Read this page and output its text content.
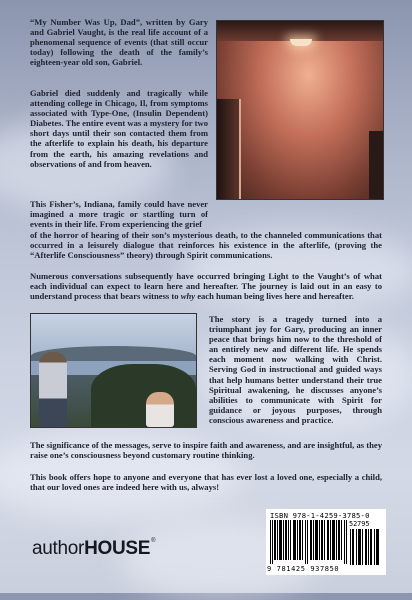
“My Number Was Up, Dad”, written by Gary and Gabriel Vaught, is the real life account of a phenomenal sequence of events (that still occur today) following the death of the family’s eighteen-year old son, Gabriel.

Gabriel died suddenly and tragically while attending college in Chicago, Il, from symptoms associated with Type-One, (Insulin Dependent) Diabetes. The entire event was a mystery for two short days until their son contacted them from the afterlife to explain his death, his departure from the earth, his amazing revelations and observations of and from heaven.

This Fisher’s, Indiana, family could have never imagined a more tragic or startling turn of events in their life. From experiencing the grief

of the horror of hearing of their son’s mysterious death, to the channeled communications that occurred in a leisurely dialogue that reinforces his existence in the afterlife, (proving the “Afterlife Consciousness” theory) through Spirit communications.

Numerous conversations subsequently have occurred bringing Light to the Vaught’s of what each individual can expect to learn here and hereafter. The journey is laid out in an easy to understand process that bears witness to why each human being lives here and hereafter.

The story is a tragedy turned into a triumphant joy for Gary, producing an inner peace that brings him now to the threshold of an entirely new and different life. He spends each moment now walking with Christ. Serving God in instructional and guided ways that help humans better understand their true Spiritual awakening, he discusses anyone’s abilities to communicate with Spirit for guidance or joyous purposes, through conscious awareness and practice.

The significance of the messages, serve to inspire faith and awareness, and are insightful, as they raise one’s consciousness beyond customary routine thinking.

This book offers hope to anyone and everyone that has ever lost a loved one, especially a child, that our loved ones are indeed here with us, always!

ISBN 978-1-4259-3785-0
52795
9 781425 937850
authorHOUSE®
